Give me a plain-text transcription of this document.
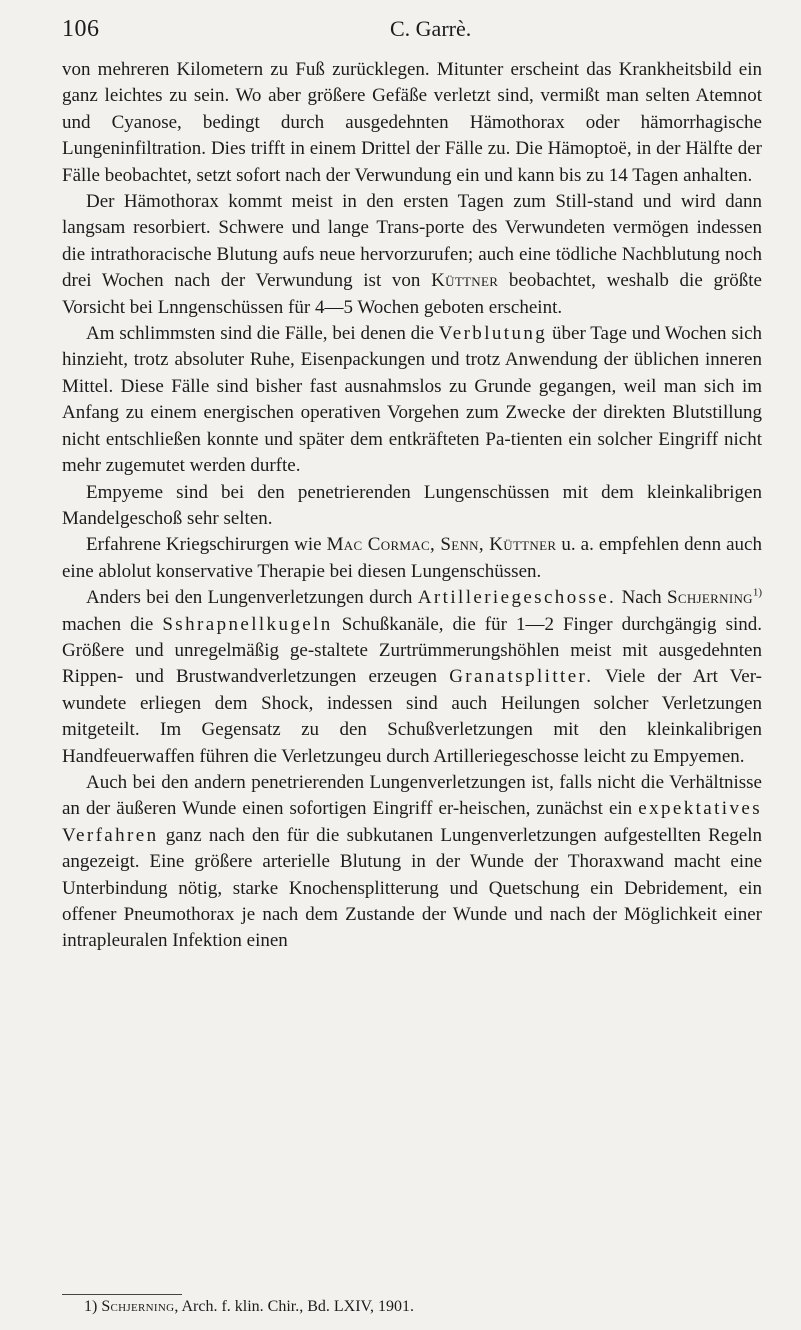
106	C. Garrè.

von mehreren Kilometern zu Fuß zurücklegen. Mitunter erscheint das Krankheitsbild ein ganz leichtes zu sein. Wo aber größere Gefäße verletzt sind, vermißt man selten Atemnot und Cyanose, bedingt durch ausgedehnten Hämothorax oder hämorrhagische Lungeninfiltration. Dies trifft in einem Drittel der Fälle zu. Die Hämoptoë, in der Hälfte der Fälle beobachtet, setzt sofort nach der Verwundung ein und kann bis zu 14 Tagen anhalten.

Der Hämothorax kommt meist in den ersten Tagen zum Still-stand und wird dann langsam resorbiert. Schwere und lange Trans-porte des Verwundeten vermögen indessen die intrathoracische Blutung aufs neue hervorzurufen; auch eine tödliche Nachblutung noch drei Wochen nach der Verwundung ist von Küttner beobachtet, weshalb die größte Vorsicht bei Lnngenschüssen für 4—5 Wochen geboten erscheint.

Am schlimmsten sind die Fälle, bei denen die Verblutung über Tage und Wochen sich hinzieht, trotz absoluter Ruhe, Eisenpackungen und trotz Anwendung der üblichen inneren Mittel. Diese Fälle sind bisher fast ausnahmslos zu Grunde gegangen, weil man sich im Anfang zu einem energischen operativen Vorgehen zum Zwecke der direkten Blutstillung nicht entschließen konnte und später dem entkräfteten Pa-tienten ein solcher Eingriff nicht mehr zugemutet werden durfte.

Empyeme sind bei den penetrierenden Lungenschüssen mit dem kleinkalibrigen Mandelgeschoß sehr selten.

Erfahrene Kriegschirurgen wie Mac Cormac, Senn, Küttner u. a. empfehlen denn auch eine ablolut konservative Therapie bei diesen Lungenschüssen.

Anders bei den Lungenverletzungen durch Artilleriegeschosse. Nach Schjerning$^{1)}$ machen die Sshrapnellkugeln Schußkanäle, die für 1—2 Finger durchgängig sind. Größere und unregelmäßig ge-staltete Zurtrümmerungshöhlen meist mit ausgedehnten Rippen- und Brustwandverletzungen erzeugen Granatsplitter. Viele der Art Ver-wundete erliegen dem Shock, indessen sind auch Heilungen solcher Verletzungen mitgeteilt. Im Gegensatz zu den Schußverletzungen mit den kleinkalibrigen Handfeuerwaffen führen die Verletzungeu durch Artilleriegeschosse leicht zu Empyemen.

Auch bei den andern penetrierenden Lungenverletzungen ist, falls nicht die Verhältnisse an der äußeren Wunde einen sofortigen Eingriff er-heischen, zunächst ein expektatives Verfahren ganz nach den für die subkutanen Lungenverletzungen aufgestellten Regeln angezeigt. Eine größere arterielle Blutung in der Wunde der Thoraxwand macht eine Unterbindung nötig, starke Knochensplitterung und Quetschung ein Debridement, ein offener Pneumothorax je nach dem Zustande der Wunde und nach der Möglichkeit einer intrapleuralen Infektion einen

1) Schjerning, Arch. f. klin. Chir., Bd. LXIV, 1901.
